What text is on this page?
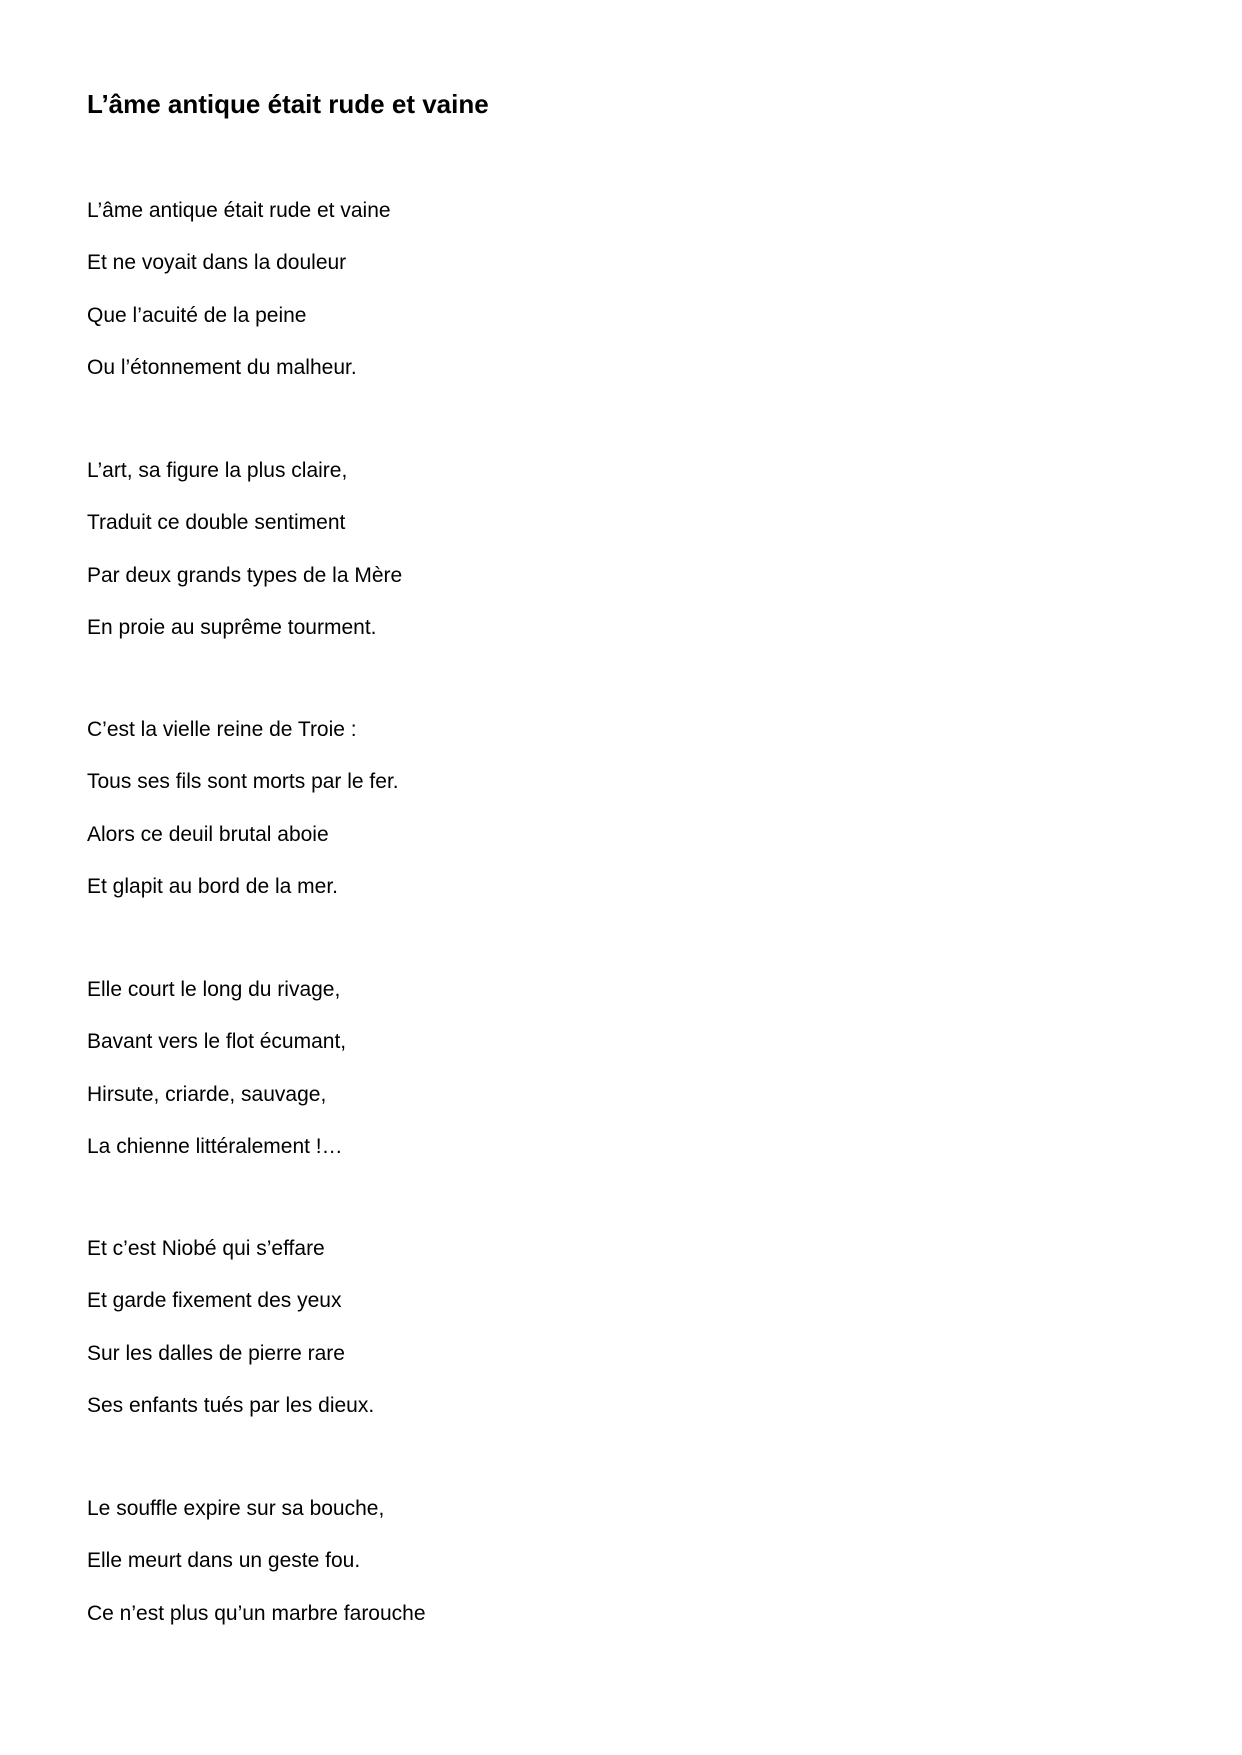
L’âme antique était rude et vaine
L’âme antique était rude et vaine
Et ne voyait dans la douleur
Que l’acuité de la peine
Ou l’étonnement du malheur.
L’art, sa figure la plus claire,
Traduit ce double sentiment
Par deux grands types de la Mère
En proie au suprême tourment.
C’est la vielle reine de Troie :
Tous ses fils sont morts par le fer.
Alors ce deuil brutal aboie
Et glapit au bord de la mer.
Elle court le long du rivage,
Bavant vers le flot écumant,
Hirsute, criarde, sauvage,
La chienne littéralement !…
Et c’est Niobé qui s’effare
Et garde fixement des yeux
Sur les dalles de pierre rare
Ses enfants tués par les dieux.
Le souffle expire sur sa bouche,
Elle meurt dans un geste fou.
Ce n’est plus qu’un marbre farouche
